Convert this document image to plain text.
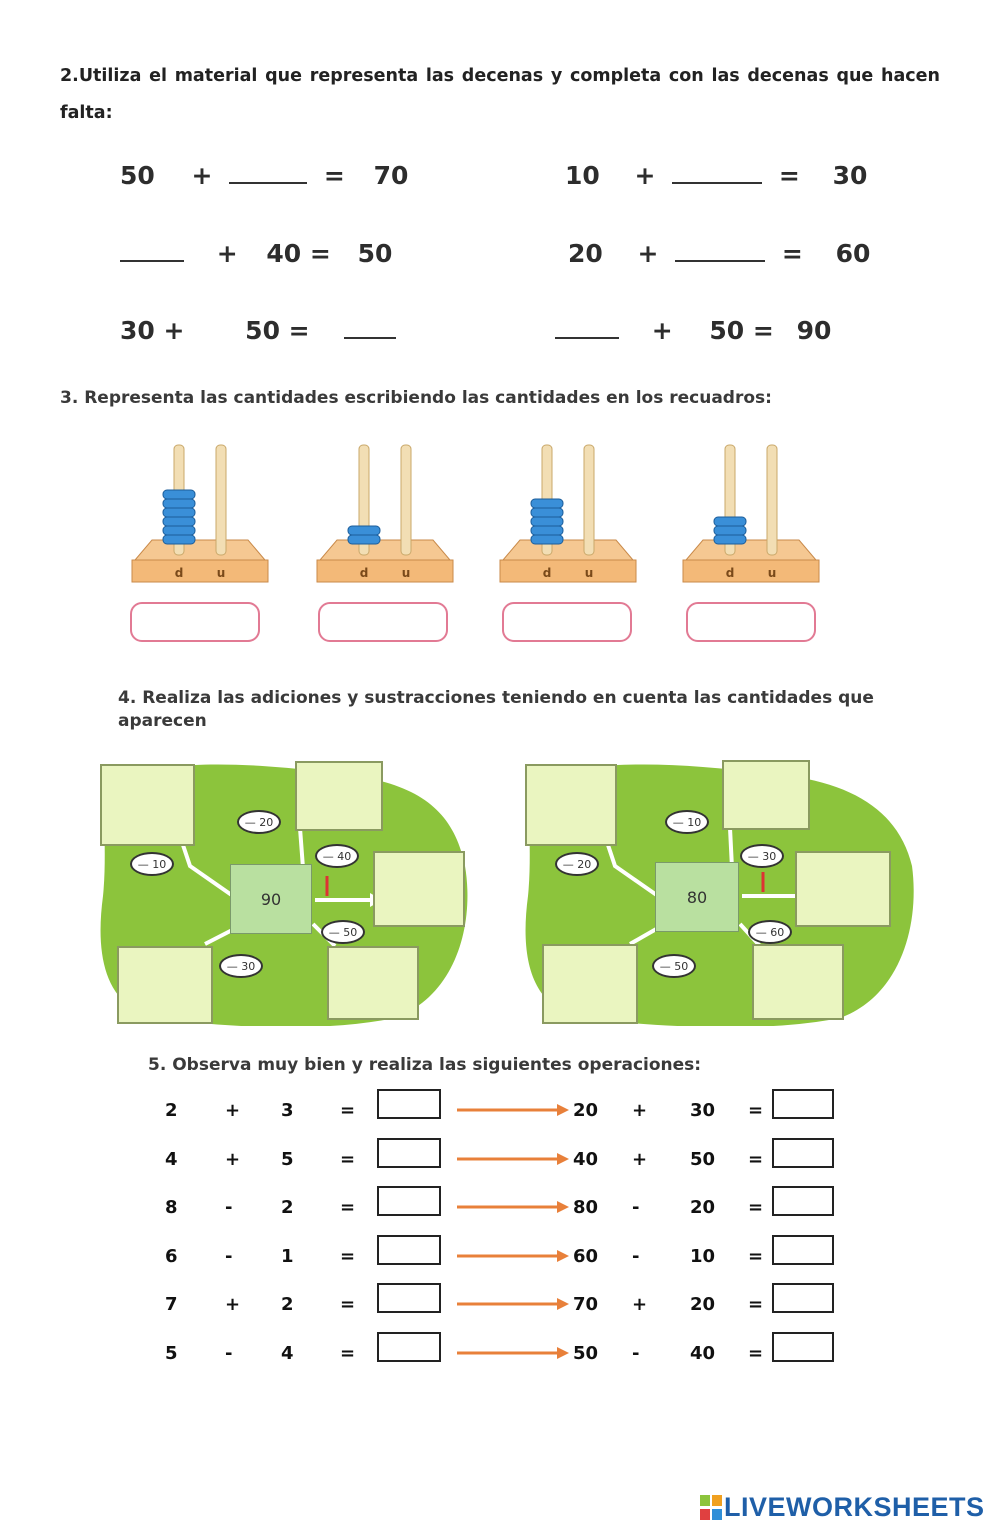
2.Utiliza el material que representa las decenas y completa con las decenas que hacen falta:
50 +	= 70	10 +	= 30
+ 40 = 50	20 +	= 60
30 + 50 =	+ 50 = 90
3. Representa las cantidades escribiendo las cantidades en los recuadros:
d	u	d	u	d	u	d	u
4. Realiza las adiciones y sustracciones teniendo en cuenta las cantidades que aparecen
90
— 10
— 20
— 40
— 50
— 30
80
— 20
— 10
— 30
— 60
— 50
5. Observa muy bien y realiza las siguientes operaciones:
2	+ 3	=	20 + 30 =
4	+ 5	=	40 + 50 =
8	-	2	=	80 -	20 =
6	-	1	=	60 -	10 =
7	+ 2	=	70 + 20 =
5	-	4	=	50 -	40 =
LIVEWORKSHEETS
